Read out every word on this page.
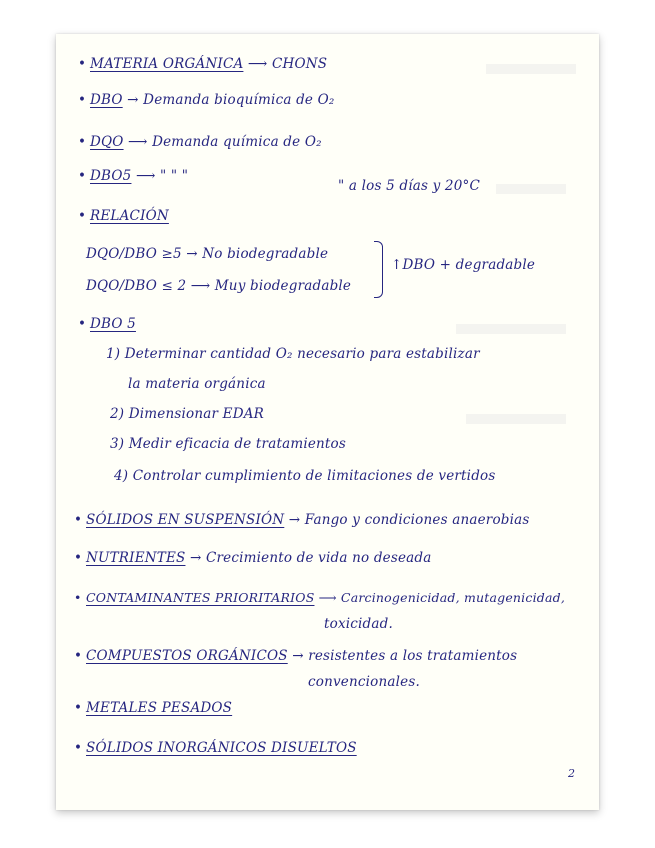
• MATERIA ORGÁNICA ⟶ CHONS
• DBO → Demanda bioquímica de O₂
• DQO ⟶ Demanda química de O₂
• DBO5 ⟶ " " "
" a los 5 días y 20°C
• RELACIÓN
DQO/DBO ≥5 → No biodegradable
DQO/DBO ≤ 2 ⟶ Muy biodegradable
↑DBO + degradable
• DBO 5
1) Determinar cantidad O₂ necesario para estabilizar
la materia orgánica
2) Dimensionar EDAR
3) Medir eficacia de tratamientos
4) Controlar cumplimiento de limitaciones de vertidos
• SÓLIDOS EN SUSPENSIÓN → Fango y condiciones anaerobias
• NUTRIENTES → Crecimiento de vida no deseada
• CONTAMINANTES PRIORITARIOS ⟶ Carcinogenicidad, mutagenicidad,
toxicidad.
• COMPUESTOS ORGÁNICOS → resistentes a los tratamientos
convencionales.
• METALES PESADOS
• SÓLIDOS INORGÁNICOS DISUELTOS
2
